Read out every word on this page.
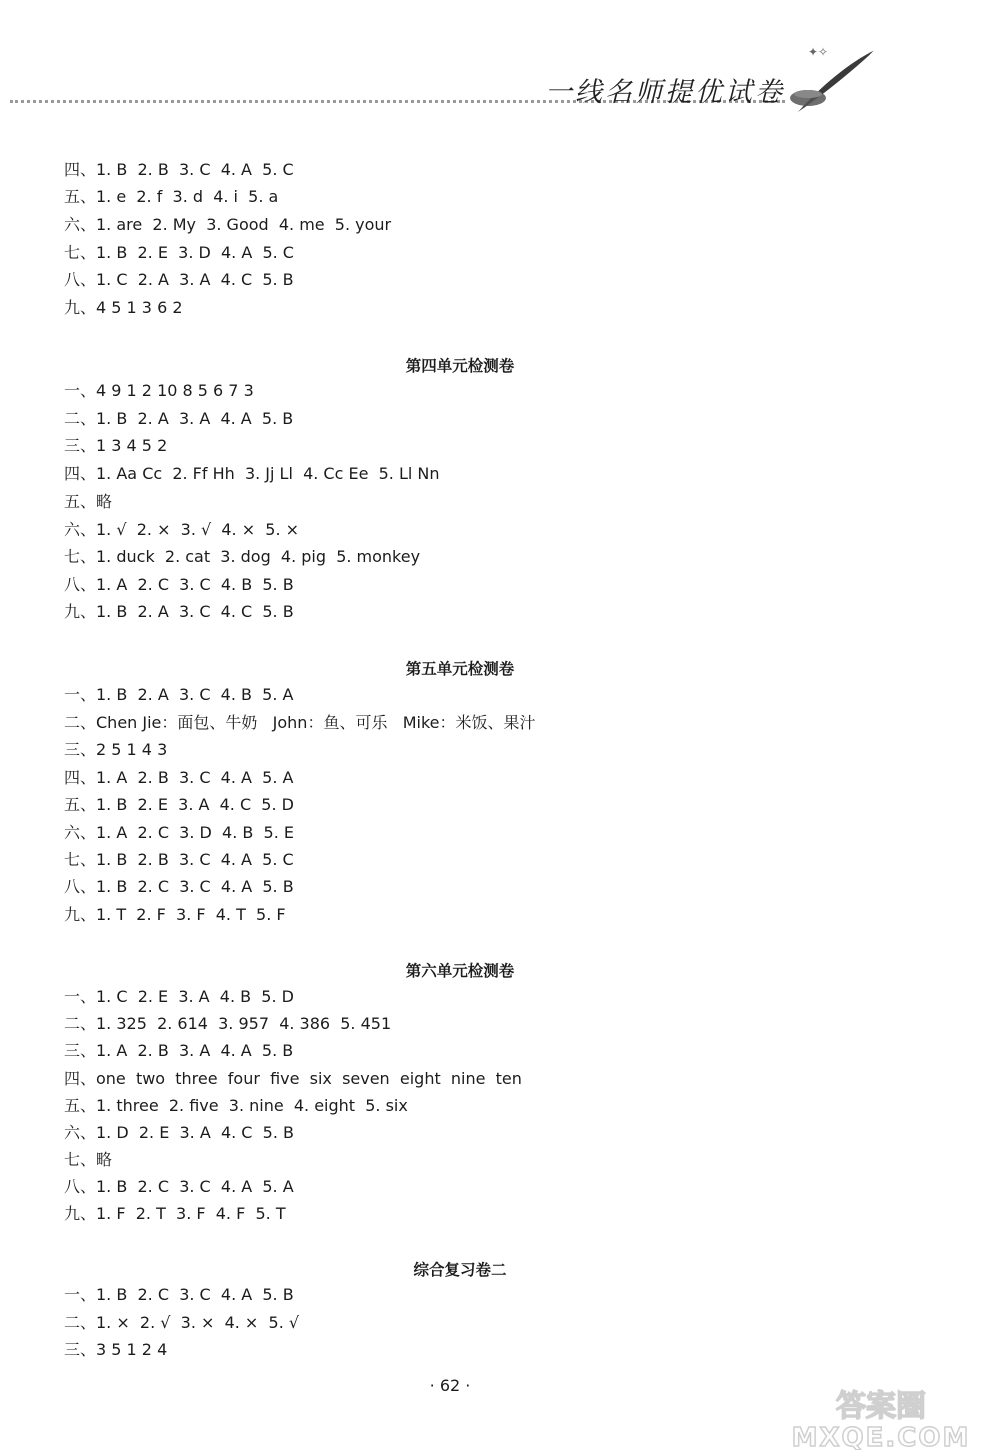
一线名师提优试卷
✦✧
四、1. B  2. B  3. C  4. A  5. C
五、1. e  2. f  3. d  4. i  5. a
六、1. are  2. My  3. Good  4. me  5. your
七、1. B  2. E  3. D  4. A  5. C
八、1. C  2. A  3. A  4. C  5. B
九、4 5 1 3 6 2
第四单元检测卷
一、4 9 1 2 10 8 5 6 7 3
二、1. B  2. A  3. A  4. A  5. B
三、1 3 4 5 2
四、1. Aa Cc  2. Ff Hh  3. Jj Ll  4. Cc Ee  5. Ll Nn
五、略
六、1. √  2. ×  3. √  4. ×  5. ×
七、1. duck  2. cat  3. dog  4. pig  5. monkey
八、1. A  2. C  3. C  4. B  5. B
九、1. B  2. A  3. C  4. C  5. B
第五单元检测卷
一、1. B  2. A  3. C  4. B  5. A
二、Chen Jie：面包、牛奶   John：鱼、可乐   Mike：米饭、果汁
三、2 5 1 4 3
四、1. A  2. B  3. C  4. A  5. A
五、1. B  2. E  3. A  4. C  5. D
六、1. A  2. C  3. D  4. B  5. E
七、1. B  2. B  3. C  4. A  5. C
八、1. B  2. C  3. C  4. A  5. B
九、1. T  2. F  3. F  4. T  5. F
第六单元检测卷
一、1. C  2. E  3. A  4. B  5. D
二、1. 325  2. 614  3. 957  4. 386  5. 451
三、1. A  2. B  3. A  4. A  5. B
四、one  two  three  four  five  six  seven  eight  nine  ten
五、1. three  2. five  3. nine  4. eight  5. six
六、1. D  2. E  3. A  4. C  5. B
七、略
八、1. B  2. C  3. C  4. A  5. A
九、1. F  2. T  3. F  4. F  5. T
综合复习卷二
一、1. B  2. C  3. C  4. A  5. B
二、1. ×  2. √  3. ×  4. ×  5. √
三、3 5 1 2 4
· 62 ·
答案圈
MXQE.COM
